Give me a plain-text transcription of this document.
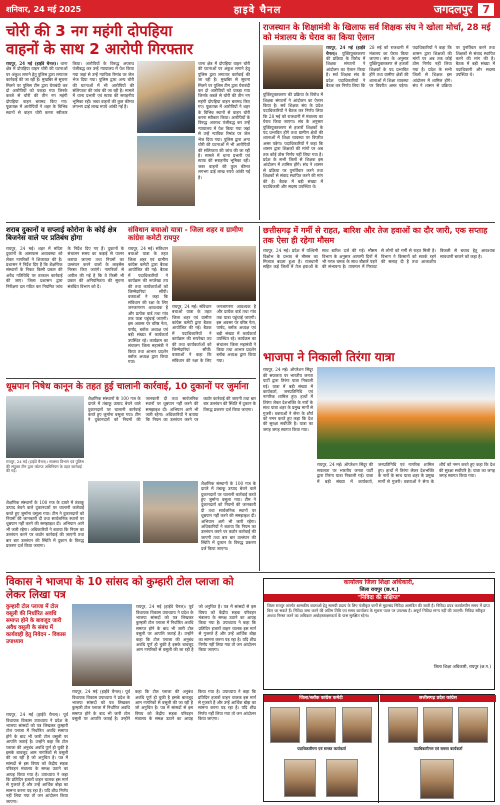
शनिवार, 24 मई 2025	हाइवे चैनल	जगदलपुर 7
चोरी की 3 नग महंगी दोपहिया
वाहनों के साथ 2 आरोपी गिरफ्तार
रायपुर, 24 मई (हाईवे चैनल)। थाना क्षेत्र में दोपहिया वाहन चोरी की घटनाओं पर अंकुश लगाने हेतु पुलिस द्वारा लगातार कार्रवाई की जा रही है। मुखबिर से सूचना मिलने पर पुलिस टीम द्वारा घेराबंदी कर दो आरोपियों को पकड़ा गया जिनके कब्जे से चोरी की तीन नग महंगी दोपहिया वाहन बरामद किए गए। पूछताछ में आरोपियों ने शहर के विभिन्न स्थानों से वाहन चोरी करना स्वीकार किया। आरोपियों के विरुद्ध अपराध पंजीबद्ध कर उन्हें न्यायालय में पेश किया गया जहां से उन्हें न्यायिक रिमांड पर जेल भेज दिया गया। पुलिस द्वारा अन्य चोरी की घटनाओं में भी आरोपियों की संलिप्तता की जांच की जा रही है। मामले में थाना प्रभारी एवं स्टाफ की सराहनीय भूमिका रही। जब्त वाहनों की कुल कीमत लगभग ढाई लाख रुपये आंकी गई है।
थाना क्षेत्र में दोपहिया वाहन चोरी की घटनाओं पर अंकुश लगाने हेतु पुलिस द्वारा लगातार कार्रवाई की जा रही है। मुखबिर से सूचना मिलने पर पुलिस टीम द्वारा घेराबंदी कर दो आरोपियों को पकड़ा गया जिनके कब्जे से चोरी की तीन नग महंगी दोपहिया वाहन बरामद किए गए। पूछताछ में आरोपियों ने शहर के विभिन्न स्थानों से वाहन चोरी करना स्वीकार किया। आरोपियों के विरुद्ध अपराध पंजीबद्ध कर उन्हें न्यायालय में पेश किया गया जहां से उन्हें न्यायिक रिमांड पर जेल भेज दिया गया। पुलिस द्वारा अन्य चोरी की घटनाओं में भी आरोपियों की संलिप्तता की जांच की जा रही है। मामले में थाना प्रभारी एवं स्टाफ की सराहनीय भूमिका रही। जब्त वाहनों की कुल कीमत लगभग ढाई लाख रुपये आंकी गई है।
राजस्थान के शिक्षामंत्री के खिलाफ सर्व शिक्षक संघ ने खोला मोर्चा, 28 मई को मंत्रालय के घेराव का किया ऐलान
रायपुर, 24 मई (हाईवे चैनल)। युक्तियुक्तकरण की प्रक्रिया के विरोध में शिक्षक संगठनों ने आंदोलन का ऐलान किया है। सर्व शिक्षक संघ के प्रदेश पदाधिकारियों ने बैठक कर निर्णय लिया कि 28 मई को राजधानी में मंत्रालय का घेराव किया जाएगा। संघ के अनुसार युक्तियुक्तकरण से हजारों शिक्षकों के पद प्रभावित होंगे तथा ग्रामीण क्षेत्रों की शालाओं में शिक्षा व्यवस्था पर विपरीत असर पड़ेगा। पदाधिकारियों ने कहा कि शासन द्वारा शिक्षकों की मांगों पर अब तक कोई ठोस निर्णय नहीं लिया गया है। प्रदेश के सभी जिलों से शिक्षक इस आंदोलन में शामिल होंगे। संघ ने शासन से प्रक्रिया पर पुनर्विचार करने तथा शिक्षकों से संवाद स्थापित करने की मांग की है। बैठक में बड़ी संख्या में पदाधिकारी और सदस्य उपस्थित थे।
युक्तियुक्तकरण की प्रक्रिया के विरोध में शिक्षक संगठनों ने आंदोलन का ऐलान किया है। सर्व शिक्षक संघ के प्रदेश पदाधिकारियों ने बैठक कर निर्णय लिया कि 28 मई को राजधानी में मंत्रालय का घेराव किया जाएगा। संघ के अनुसार युक्तियुक्तकरण से हजारों शिक्षकों के पद प्रभावित होंगे तथा ग्रामीण क्षेत्रों की शालाओं में शिक्षा व्यवस्था पर विपरीत असर पड़ेगा। पदाधिकारियों ने कहा कि शासन द्वारा शिक्षकों की मांगों पर अब तक कोई ठोस निर्णय नहीं लिया गया है। प्रदेश के सभी जिलों से शिक्षक इस आंदोलन में शामिल होंगे। संघ ने शासन से प्रक्रिया पर पुनर्विचार करने तथा शिक्षकों से संवाद स्थापित करने की मांग की है। बैठक में बड़ी संख्या में पदाधिकारी और सदस्य उपस्थित थे।
शराब दुकानों व सप्लाई कोरोना के कोई क्षेत्र बिजनेस वाले पर प्रतिबंध होगा
रायपुर, 24 मई। शहर में मदिरा दुकानों के आसपास अव्यवस्था को लेकर नागरिकों ने शिकायत की है। प्रशासन ने निर्देश दिए हैं कि शैक्षणिक संस्थानों के निकट किसी प्रकार की अवैध गतिविधि पर तत्काल कार्रवाई की जाए। जिला प्रशासन द्वारा निरीक्षण दल गठित कर नियमित जांच के निर्देश दिए गए हैं। दुकानों के संचालन समय का कड़ाई से पालन कराया जाएगा तथा नियमों का उल्लंघन करने वालों के लाइसेंस निरस्त किए जाएंगे। नागरिकों से अपील की गई है कि वे किसी भी प्रकार की अनियमितता की सूचना संबंधित विभाग को दें।
संविधान बचाओ यात्रा - जिला शहर व ग्रामीण कांग्रेस कमेटी रायपुर
रायपुर, 24 मई। संविधान बचाओ यात्रा के तहत जिला शहर एवं ग्रामीण कांग्रेस कमेटी द्वारा बैठक आयोजित की गई। बैठक में पदाधिकारियों ने कार्यक्रम की रूपरेखा तय की तथा कार्यकर्ताओं को जिम्मेदारियां सौंपी। वक्ताओं ने कहा कि संविधान की रक्षा के लिए जनजागरण आवश्यक है और प्रत्येक वार्ड तथा गांव तक यात्रा पहुंचाई जाएगी। इस अवसर पर वरिष्ठ नेता, पार्षद, ब्लॉक अध्यक्ष एवं बड़ी संख्या में कार्यकर्ता उपस्थित रहे। कार्यक्रम का संचालन जिला महामंत्री ने किया तथा आभार प्रदर्शन ब्लॉक अध्यक्ष द्वारा किया गया।
रायपुर, 24 मई। संविधान बचाओ यात्रा के तहत जिला शहर एवं ग्रामीण कांग्रेस कमेटी द्वारा बैठक आयोजित की गई। बैठक में पदाधिकारियों ने कार्यक्रम की रूपरेखा तय की तथा कार्यकर्ताओं को जिम्मेदारियां सौंपी। वक्ताओं ने कहा कि संविधान की रक्षा के लिए जनजागरण आवश्यक है और प्रत्येक वार्ड तथा गांव तक यात्रा पहुंचाई जाएगी। इस अवसर पर वरिष्ठ नेता, पार्षद, ब्लॉक अध्यक्ष एवं बड़ी संख्या में कार्यकर्ता उपस्थित रहे। कार्यक्रम का संचालन जिला महामंत्री ने किया तथा आभार प्रदर्शन ब्लॉक अध्यक्ष द्वारा किया गया।
छत्तीसगढ़ में गर्मी से राहत, बारिश और तेज हवाओं का दौर जारी, एक सप्ताह तक ऐसा ही रहेगा मौसम
रायपुर, 24 मई। प्रदेश में पश्चिमी विक्षोभ के प्रभाव से मौसम का मिजाज बदला हुआ है। राजधानी सहित कई जिलों में तेज हवाओं के साथ बारिश दर्ज की गई। मौसम विभाग के अनुसार आगामी दिनों में भी गरज चमक के साथ बौछारें पड़ने की संभावना है। तापमान में गिरावट से लोगों को गर्मी से राहत मिली है। विभाग ने किसानों को सतर्क रहने की सलाह दी है तथा आकाशीय बिजली से बचाव हेतु आवश्यक सावधानी बरतने को कहा है।
धूम्रपान निषेध कानून के तहत हुई चालानी कार्रवाई, 10 दुकानों पर जुर्माना
रायपुर, 24 मई (हाईवे चैनल)। स्वास्थ्य विभाग एवं पुलिस की संयुक्त टीम द्वारा कोटपा अधिनियम के तहत कार्रवाई की गई।
शैक्षणिक संस्थानों के 100 गज के दायरे में तंबाकू उत्पाद बेचने वाले दुकानदारों पर चालानी कार्रवाई करते हुए जुर्माना वसूला गया। टीम ने दुकानदारों को नियमों की जानकारी दी तथा सार्वजनिक स्थानों पर धूम्रपान नहीं करने की समझाइश दी। अभियान आगे भी जारी रहेगा। अधिकारियों ने बताया कि नियम का उल्लंघन करने पर कठोर कार्रवाई की जाएगी तथा बार बार उल्लंघन की स्थिति में दुकान के विरुद्ध प्रकरण दर्ज किया जाएगा।
शैक्षणिक संस्थानों के 100 गज के दायरे में तंबाकू उत्पाद बेचने वाले दुकानदारों पर चालानी कार्रवाई करते हुए जुर्माना वसूला गया। टीम ने दुकानदारों को नियमों की जानकारी दी तथा सार्वजनिक स्थानों पर धूम्रपान नहीं करने की समझाइश दी। अभियान आगे भी जारी रहेगा। अधिकारियों ने बताया कि नियम का उल्लंघन करने पर कठोर कार्रवाई की जाएगी तथा बार बार उल्लंघन की स्थिति में दुकान के विरुद्ध प्रकरण दर्ज किया जाएगा।
शैक्षणिक संस्थानों के 100 गज के दायरे में तंबाकू उत्पाद बेचने वाले दुकानदारों पर चालानी कार्रवाई करते हुए जुर्माना वसूला गया। टीम ने दुकानदारों को नियमों की जानकारी दी तथा सार्वजनिक स्थानों पर धूम्रपान नहीं करने की समझाइश दी। अभियान आगे भी जारी रहेगा। अधिकारियों ने बताया कि नियम का उल्लंघन करने पर कठोर कार्रवाई की जाएगी तथा बार बार उल्लंघन की स्थिति में दुकान के विरुद्ध प्रकरण दर्ज किया जाएगा।
भाजपा ने निकाली तिरंगा यात्रा
रायपुर, 24 मई। ऑपरेशन सिंदूर की सफलता पर भारतीय जनता पार्टी द्वारा तिरंगा यात्रा निकाली गई। यात्रा में बड़ी संख्या में कार्यकर्ता, जनप्रतिनिधि एवं नागरिक शामिल हुए। हाथों में तिरंगा लेकर देशभक्ति के नारों के साथ यात्रा शहर के प्रमुख मार्गों से गुजरी। वक्ताओं ने सेना के शौर्य को नमन करते हुए कहा कि देश की सुरक्षा सर्वोपरि है। यात्रा का जगह जगह स्वागत किया गया।
रायपुर, 24 मई। ऑपरेशन सिंदूर की सफलता पर भारतीय जनता पार्टी द्वारा तिरंगा यात्रा निकाली गई। यात्रा में बड़ी संख्या में कार्यकर्ता, जनप्रतिनिधि एवं नागरिक शामिल हुए। हाथों में तिरंगा लेकर देशभक्ति के नारों के साथ यात्रा शहर के प्रमुख मार्गों से गुजरी। वक्ताओं ने सेना के शौर्य को नमन करते हुए कहा कि देश की सुरक्षा सर्वोपरि है। यात्रा का जगह जगह स्वागत किया गया।
विकास ने भाजपा के 10 सांसद को कुम्हारी टोल प्लाजा को लेकर लिखा पत्र
कुम्हारी टोल प्लाजा में टोल वसूली की निर्धारित अवधि समाप्त होने के बावजूद जारी अवैध वसूली के संबंध में कार्यवाही हेतु निवेदन - विकास उपाध्याय
रायपुर, 24 मई (हाईवे चैनल)। पूर्व विधायक विकास उपाध्याय ने प्रदेश के भाजपा सांसदों को पत्र लिखकर कुम्हारी टोल प्लाजा में निर्धारित अवधि समाप्त होने के बाद भी जारी टोल वसूली पर आपत्ति जताई है। उन्होंने कहा कि टोल प्लाजा की अनुबंध अवधि पूर्ण हो चुकी है इसके बावजूद आम नागरिकों से वसूली की जा रही है जो अनुचित है। पत्र में सांसदों से इस विषय को केंद्रीय सड़क परिवहन मंत्रालय के समक्ष उठाने का आग्रह किया गया है। उपाध्याय ने कहा कि प्रतिदिन हजारों वाहन चालक इस मार्ग से गुजरते हैं और उन्हें आर्थिक बोझ का सामना करना पड़ रहा है। यदि शीघ्र निर्णय नहीं लिया गया तो जन आंदोलन किया जाएगा।
रायपुर, 24 मई (हाईवे चैनल)। पूर्व विधायक विकास उपाध्याय ने प्रदेश के भाजपा सांसदों को पत्र लिखकर कुम्हारी टोल प्लाजा में निर्धारित अवधि समाप्त होने के बाद भी जारी टोल वसूली पर आपत्ति जताई है। उन्होंने कहा कि टोल प्लाजा की अनुबंध अवधि पूर्ण हो चुकी है इसके बावजूद आम नागरिकों से वसूली की जा रही है जो अनुचित है। पत्र में सांसदों से इस विषय को केंद्रीय सड़क परिवहन मंत्रालय के समक्ष उठाने का आग्रह किया गया है। उपाध्याय ने कहा कि प्रतिदिन हजारों वाहन चालक इस मार्ग से गुजरते हैं और उन्हें आर्थिक बोझ का सामना करना पड़ रहा है। यदि शीघ्र निर्णय नहीं लिया गया तो जन आंदोलन किया जाएगा।
रायपुर, 24 मई (हाईवे चैनल)। पूर्व विधायक विकास उपाध्याय ने प्रदेश के भाजपा सांसदों को पत्र लिखकर कुम्हारी टोल प्लाजा में निर्धारित अवधि समाप्त होने के बाद भी जारी टोल वसूली पर आपत्ति जताई है। उन्होंने कहा कि टोल प्लाजा की अनुबंध अवधि पूर्ण हो चुकी है इसके बावजूद आम नागरिकों से वसूली की जा रही है जो अनुचित है। पत्र में सांसदों से इस विषय को केंद्रीय सड़क परिवहन मंत्रालय के समक्ष उठाने का आग्रह किया गया है। उपाध्याय ने कहा कि प्रतिदिन हजारों वाहन चालक इस मार्ग से गुजरते हैं और उन्हें आर्थिक बोझ का सामना करना पड़ रहा है। यदि शीघ्र निर्णय नहीं लिया गया तो जन आंदोलन किया जाएगा।
कार्यालय जिला शिक्षा अधिकारी,
जिला रायपुर (छ.ग.)
"निविदा की संक्षिप्त"
जिला रायपुर अंतर्गत शासकीय शालाओं हेतु सामग्री प्रदाय के लिए पंजीकृत फर्मों से मुहरबंद निविदा आमंत्रित की जाती है। निविदा प्रपत्र कार्यालयीन समय में प्राप्त किए जा सकते हैं। निविदा जमा करने की अंतिम तिथि एवं समय कार्यालय के सूचना पटल पर उपलब्ध है। अपूर्ण निविदा मान्य नहीं की जाएगी। निविदा स्वीकृत अथवा निरस्त करने का अधिकार अधोहस्ताक्षरकर्ता के पास सुरक्षित रहेगा।
जिला शिक्षा अधिकारी, रायपुर (छ.ग.)
जिला/ब्लॉक कांग्रेस कमेटी
पदाधिकारीगण एवं समस्त कार्यकर्ता
छत्तीसगढ़ प्रदेश कांग्रेस
पदाधिकारीगण एवं समस्त कार्यकर्ता
